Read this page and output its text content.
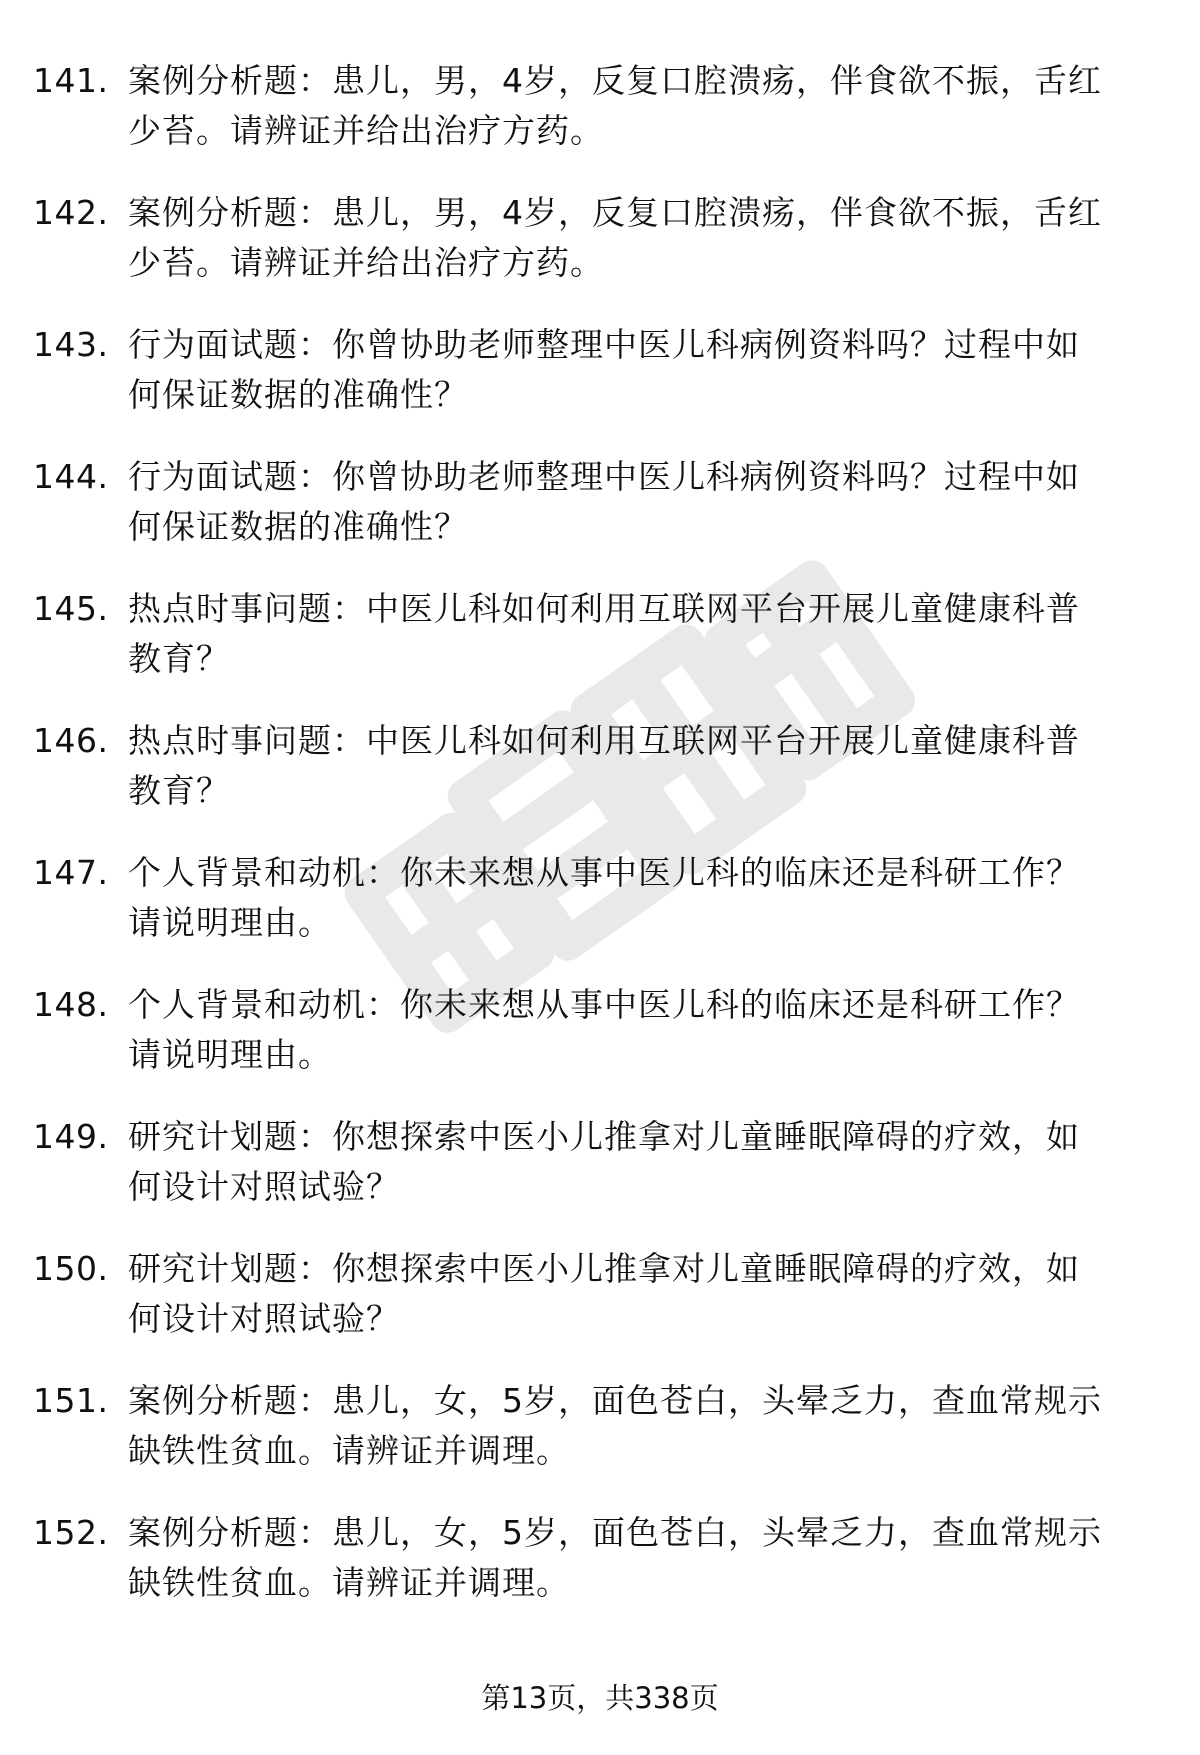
141. 案例分析题：患儿，男，4岁，反复口腔溃疡，伴食欲不振，舌红
少苔。请辨证并给出治疗方药。
142. 案例分析题：患儿，男，4岁，反复口腔溃疡，伴食欲不振，舌红
少苔。请辨证并给出治疗方药。
143. 行为面试题：你曾协助老师整理中医儿科病例资料吗？过程中如
何保证数据的准确性？
144. 行为面试题：你曾协助老师整理中医儿科病例资料吗？过程中如
何保证数据的准确性？
145. 热点时事问题：中医儿科如何利用互联网平台开展儿童健康科普
教育？
146. 热点时事问题：中医儿科如何利用互联网平台开展儿童健康科普
教育？
147. 个人背景和动机：你未来想从事中医儿科的临床还是科研工作？
请说明理由。
148. 个人背景和动机：你未来想从事中医儿科的临床还是科研工作？
请说明理由。
149. 研究计划题：你想探索中医小儿推拿对儿童睡眠障碍的疗效，如
何设计对照试验？
150. 研究计划题：你想探索中医小儿推拿对儿童睡眠障碍的疗效，如
何设计对照试验？
151. 案例分析题：患儿，女，5岁，面色苍白，头晕乏力，查血常规示
缺铁性贫血。请辨证并调理。
152. 案例分析题：患儿，女，5岁，面色苍白，头晕乏力，查血常规示
缺铁性贫血。请辨证并调理。
第13页，共338页
